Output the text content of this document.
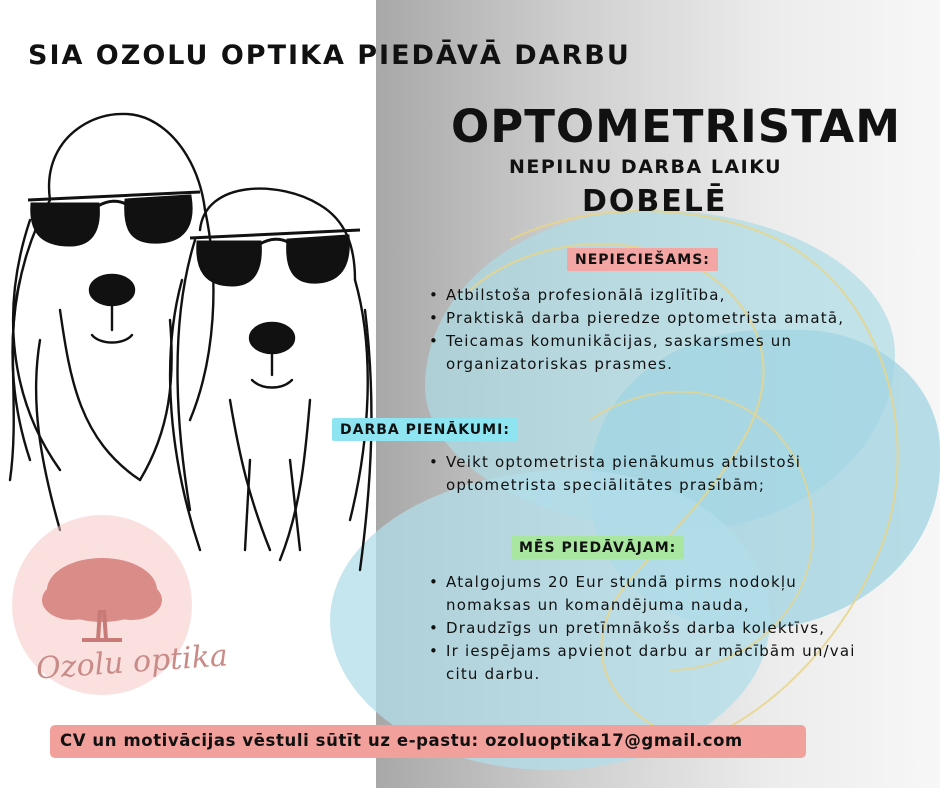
Ozolu optika
SIA OZOLU OPTIKA PIEDĀVĀ DARBU
OPTOMETRISTAM
NEPILNU DARBA LAIKU
DOBELĒ
NEPIECIEŠAMS:
• Atbilstoša profesionālā izglītība,
• Praktiskā darba pieredze optometrista amatā,
• Teicamas komunikācijas, saskarsmes un
organizatoriskas prasmes.
DARBA PIENĀKUMI:
• Veikt optometrista pienākumus atbilstoši
optometrista speciālitātes prasībām;
MĒS PIEDĀVĀJAM:
• Atalgojums 20 Eur stundā pirms nodokļu
nomaksas un komandējuma nauda,
• Draudzīgs un pretīmnākošs darba kolektīvs,
• Ir iespējams apvienot darbu ar mācībām un/vai
citu darbu.
CV un motivācijas vēstuli sūtīt uz e-pastu: ozoluoptika17@gmail.com
